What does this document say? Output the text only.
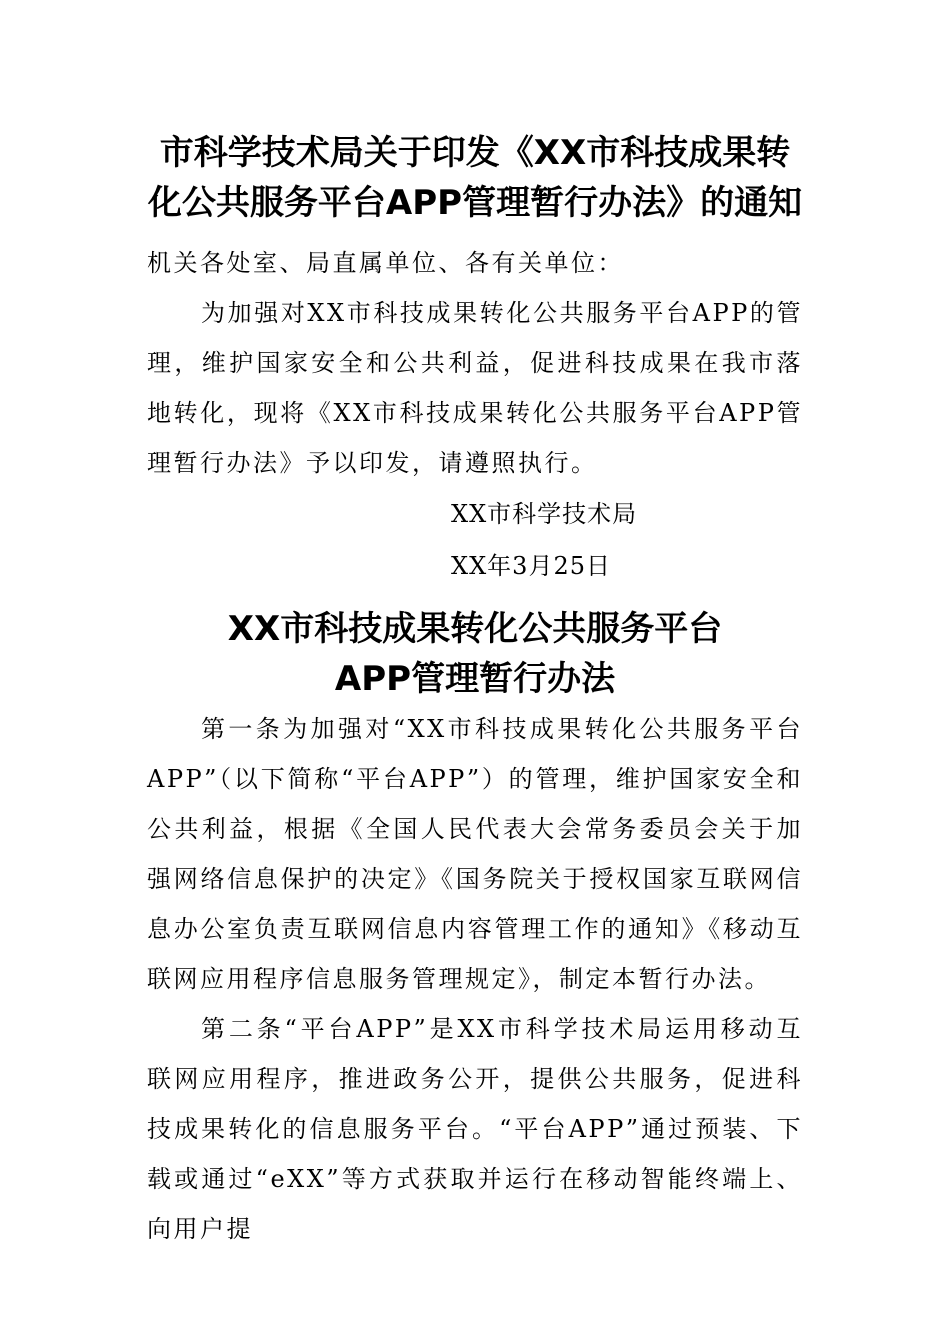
市科学技术局关于印发《XX市科技成果转化公共服务平台APP管理暂行办法》的通知

机关各处室、局直属单位、各有关单位：

为加强对XX市科技成果转化公共服务平台APP的管理，维护国家安全和公共利益，促进科技成果在我市落地转化，现将《XX市科技成果转化公共服务平台APP管理暂行办法》予以印发，请遵照执行。

XX市科学技术局

XX年3月25日

XX市科技成果转化公共服务平台
APP管理暂行办法

第一条为加强对“XX市科技成果转化公共服务平台APP”（以下简称“平台APP”）的管理，维护国家安全和公共利益，根据《全国人民代表大会常务委员会关于加强网络信息保护的决定》《国务院关于授权国家互联网信息办公室负责互联网信息内容管理工作的通知》《移动互联网应用程序信息服务管理规定》，制定本暂行办法。

第二条“平台APP”是XX市科学技术局运用移动互联网应用程序，推进政务公开，提供公共服务，促进科技成果转化的信息服务平台。“平台APP”通过预装、下载或通过“eXX”等方式获取并运行在移动智能终端上、向用户提
